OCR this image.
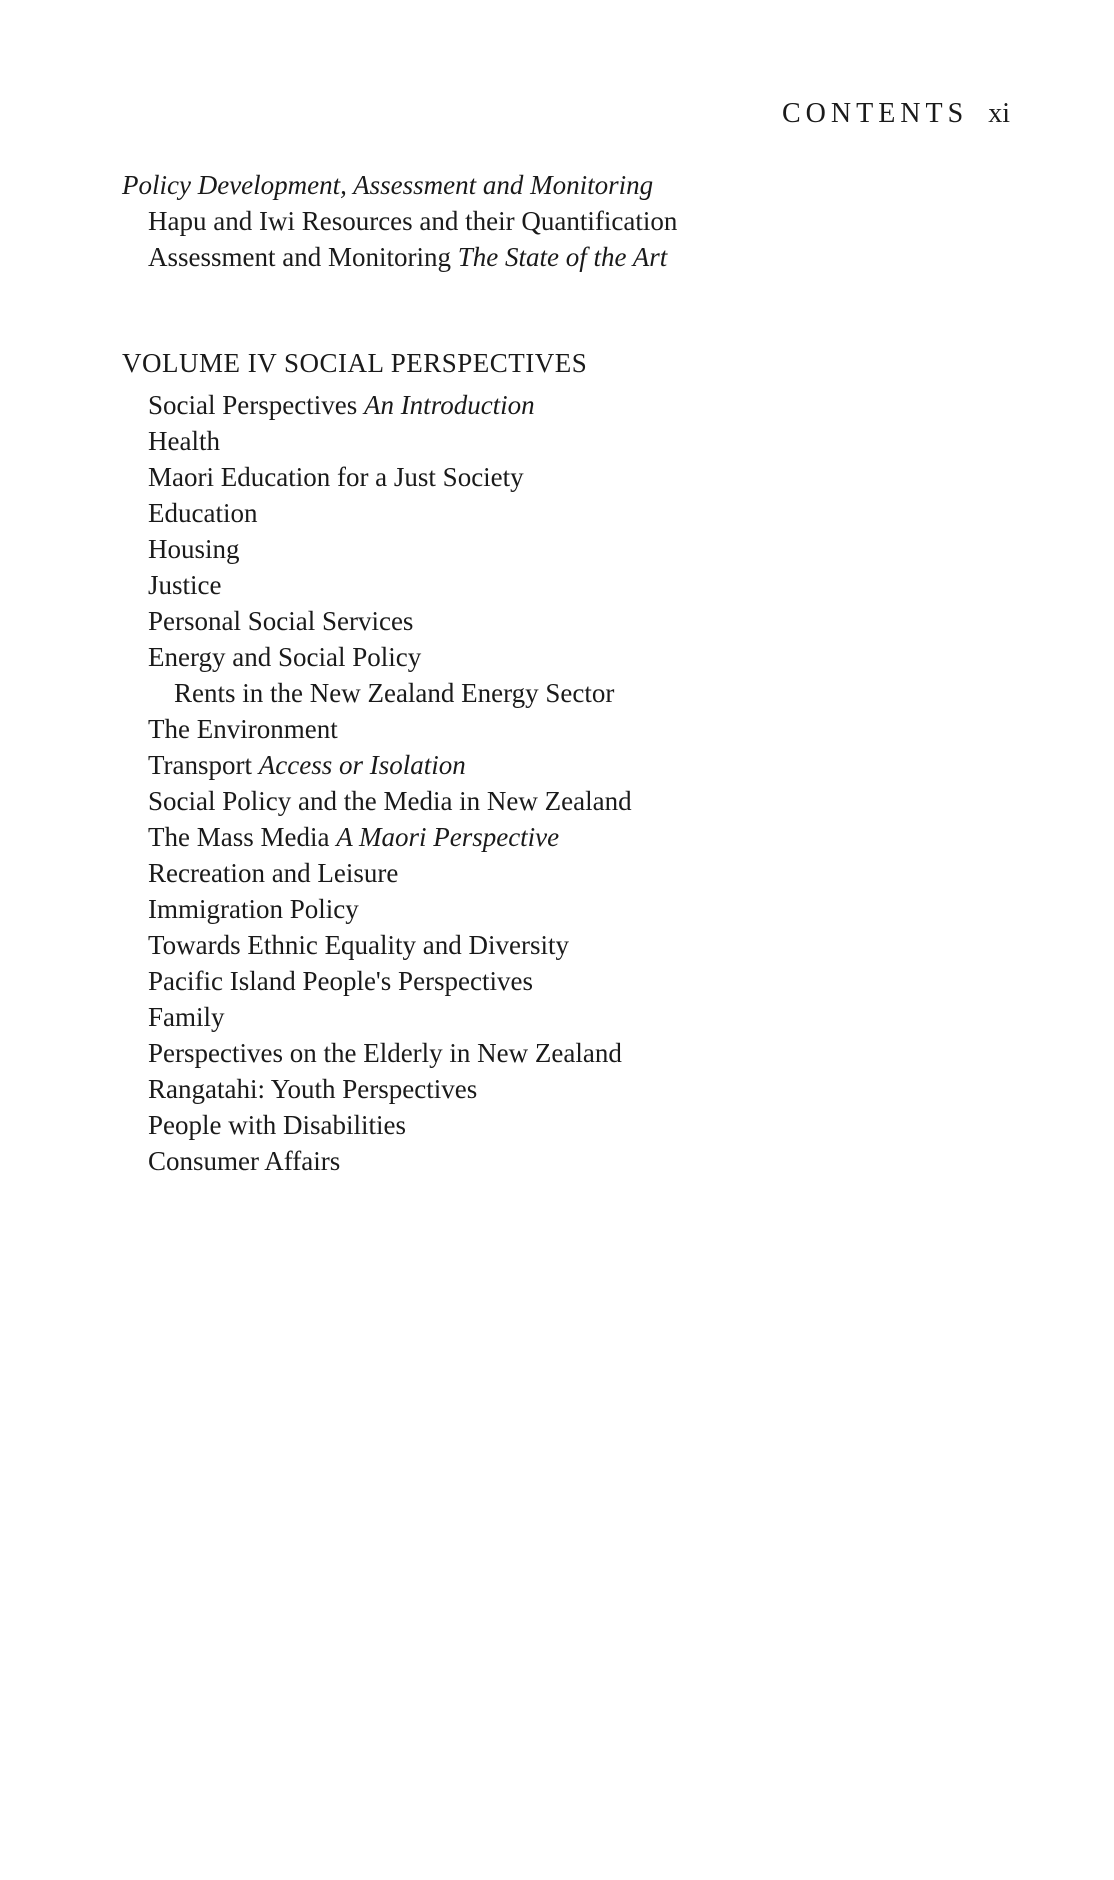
CONTENTS xi
Policy Development, Assessment and Monitoring
Hapu and Iwi Resources and their Quantification
Assessment and Monitoring The State of the Art
VOLUME IV SOCIAL PERSPECTIVES
Social Perspectives An Introduction
Health
Maori Education for a Just Society
Education
Housing
Justice
Personal Social Services
Energy and Social Policy
Rents in the New Zealand Energy Sector
The Environment
Transport Access or Isolation
Social Policy and the Media in New Zealand
The Mass Media A Maori Perspective
Recreation and Leisure
Immigration Policy
Towards Ethnic Equality and Diversity
Pacific Island People's Perspectives
Family
Perspectives on the Elderly in New Zealand
Rangatahi: Youth Perspectives
People with Disabilities
Consumer Affairs
